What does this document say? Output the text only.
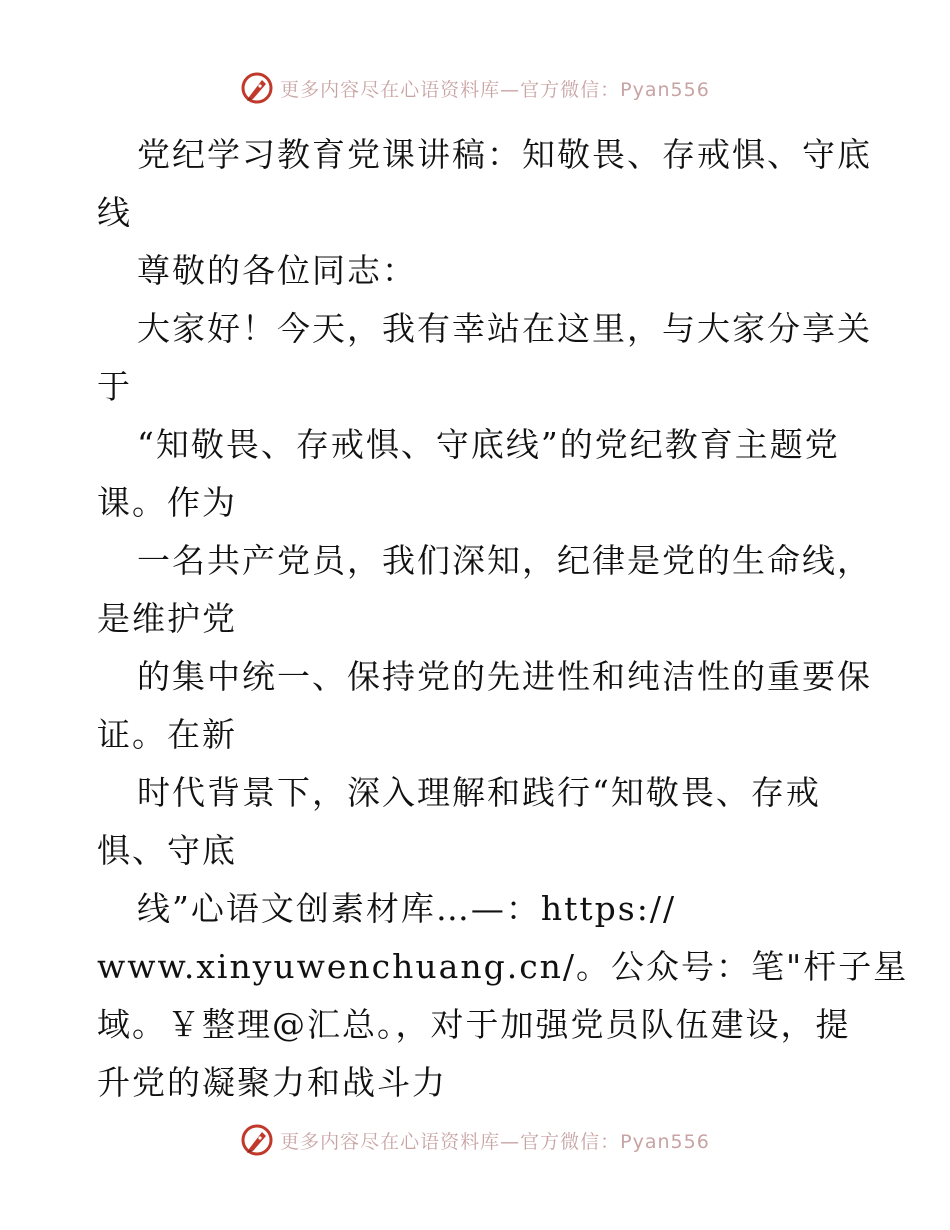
更多内容尽在心语资料库—官方微信：Pyan556
党纪学习教育党课讲稿：知敬畏、存戒惧、守底
线
尊敬的各位同志：
大家好！今天，我有幸站在这里，与大家分享关
于
“知敬畏、存戒惧、守底线”的党纪教育主题党
课。作为
一名共产党员，我们深知，纪律是党的生命线，
是维护党
的集中统一、保持党的先进性和纯洁性的重要保
证。在新
时代背景下，深入理解和践行“知敬畏、存戒
惧、守底
线”心语文创素材库…—：https://
www.xinyuwenchuang.cn/。公众号：笔"杆子星
域。￥整理@汇总。，对于加强党员队伍建设，提
升党的凝聚力和战斗力
更多内容尽在心语资料库—官方微信：Pyan556
